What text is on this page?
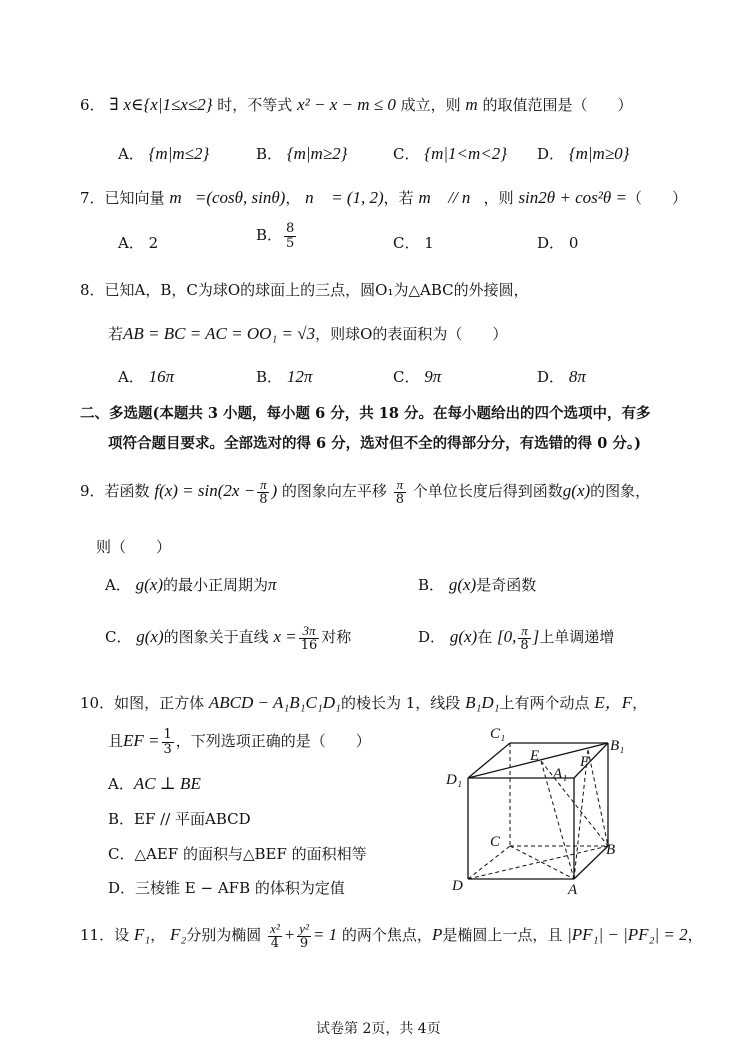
6． ∃ x∈{x|1≤x≤2} 时，不等式 x² − x − m ≤ 0 成立，则 m 的取值范围是（　　）
A． {m|m≤2}	B． {m|m≥2}	C． {m|1<m<2} D． {m|m≥0}
7．已知向量 m⃗=(cosθ, sinθ)， n⃗ = (1, 2)，若 m⃗ // n⃗，则 sin2θ + cos²θ =（　　）
A． 2	B． $\frac{8}{5}$	C． 1	D． 0
8．已知A，B，C为球O的球面上的三点，圆O₁为△ABC的外接圆，
若AB = BC = AC = OO₁ = √3，则球O的表面积为（　　）
A． 16π	B． 12π	C． 9π	D． 8π
二、多选题(本题共 3 小题，每小题 6 分，共 18 分。在每小题给出的四个选项中，有多
项符合题目要求。全部选对的得 6 分，选对但不全的得部分分，有选错的得 0 分。)
9．若函数 $f(x) = \sin(2x - \frac{\pi}{8}$ ) 的图象向左平移 $\frac{\pi}{8}$ 个单位长度后得到函数g(x)的图象，
则（　　）
A． g(x)的最小正周期为π	B． g(x)是奇函数
C． g(x)的图象关于直线 $x = \frac{3\pi}{16}$ 对称	D． g(x)在 [0, $\frac{\pi}{8}$ ]上单调递增
10．如图，正方体 ABCD − A₁B₁C₁D₁的棱长为 1，线段 B₁D₁上有两个动点 E，F，
且EF = $\frac{1}{3}$ ，下列选项正确的是（　　）
A．AC ⊥ BE
B．EF // 平面ABCD
C．△AEF 的面积与△BEF 的面积相等
D．三棱锥 E − AFB 的体积为定值
C₁
B₁
E	F
A₁
D₁
C	B
D	A
11．设 F₁， F₂分别为椭圆 $\frac{\text{x²}}{4} + \frac{\text{y²}}{9} = 1$ 的两个焦点，P是椭圆上一点，且 |PF₁| − |PF₂| = 2，
试卷第 2页，共 4页
